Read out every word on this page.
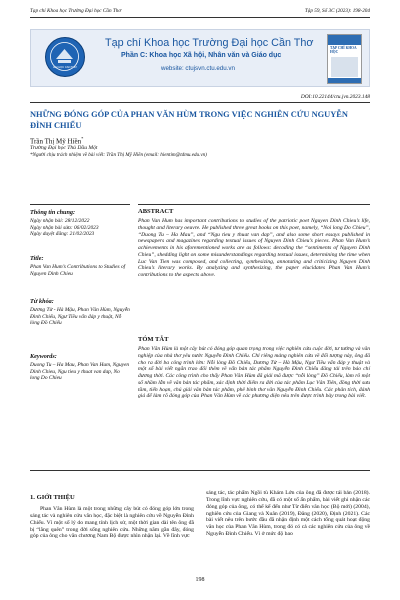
Tạp chí Khoa học Trường Đại học Cần Thơ	Tập 59, Số 3C (2023): 198-204
ĐẠI HỌC CẦN THƠ
Tạp chí Khoa học Trường Đại học Cần Thơ
Phần C: Khoa học Xã hội, Nhân văn và Giáo dục
website: ctujsvn.ctu.edu.vn
TẠP CHÍ KHOA HỌC
DOI:10.22144/ctu.jvn.2023.148
NHỮNG ĐÓNG GÓP CỦA PHAN VĂN HÙM TRONG VIỆC NGHIÊN CỨU NGUYỄN ĐÌNH CHIỂU
Trần Thị Mỹ Hiền*
Trường Đại học Thủ Dầu Một
*Người chịu trách nhiệm về bài viết: Trần Thị Mỹ Hiền (email: hientim@tdmu.edu.vn)
Thông tin chung:
Ngày nhận bài: 28/12/2022
Ngày nhận bài sửa: 06/02/2023
Ngày duyệt đăng: 21/02/2023
Title:
Phan Van Hum’s Contributions to Studies of Nguyen Dinh Chieu
Từ khóa:
Dương Từ - Hà Mậu, Phan Văn Hùm, Nguyễn Đình Chiểu, Ngư Tiều vấn đáp y thuật, Nỗ lòng Đồ Chiểu
Keywords:
Duong Tu – Ha Mau, Phan Van Hum, Nguyen Dinh Chieu, Ngu tieu y thuat van dap, No long Do Chieu
ABSTRACT
Phan Van Hum has important contributions to studies of the patriotic poet Nguyen Dinh Chieu’s life, thought and literary oeuvre. He published three great books on this poet, namely, “Noi long Do Chieu”, “Duong Tu – Ha Mau”, and “Ngu tieu y thuat van dap”, and also some short essays published in newspapers and magazines regarding textual issues of Nguyen Dinh Chieu’s pieces. Phan Van Hum’s achievements in his aforementioned works are as follows: decoding the “sentiments of Nguyen Dinh Chieu”, shedding light on some misunderstandings regarding textual issues, determining the time when Luc Van Tien was composed, and collecting, synthesizing, annotating and criticizing Nguyen Dinh Chieu’s literary works. By analyzing and synthesizing, the paper elucidates Phan Van Hum’s contributions to the aspects above.
TÓM TẮT
Phan Văn Hùm là một cây bút có đóng góp quan trọng trong việc nghiên cứu cuộc đời, tư tưởng và văn nghiệp của nhà thơ yêu nước Nguyễn Đình Chiểu. Chỉ riêng mảng nghiên cứu về đối tượng này, ông đã cho ra đời ba công trình lớn: Nỗi lòng Đồ Chiểu, Dương Từ – Hà Mậu, Ngư Tiều vấn đáp y thuật và một số bài viết ngắn trao đổi thêm về vấn bản tác phẩm Nguyễn Đình Chiểu đăng tải trên báo chí đương thời. Các công trình cho thấy Phan Văn Hùm đã giải mã được “nỗi lòng” Đồ Chiểu, làm rõ một số nhầm lẫn về văn bản tác phẩm, xác định thời điểm ra đời của tác phẩm Lục Vân Tiên, đồng thời sưu tầm, tiến hoạn, chú giải văn bản tác phẩm, phê bình thơ văn Nguyễn Đình Chiểu. Các phân tích, đánh giá để làm rõ đóng góp của Phan Văn Hùm về các phương diện nêu trên được trình bày trong bài viết.
1. GIỚI THIỆU
Phan Văn Hùm là một trong những cây bút có đóng góp lớn trong sáng tác và nghiên cứu văn học, đặc biệt là nghiên cứu về Nguyễn Đình Chiểu. Vì một số lý do mang tính lịch sử, một thời gian dài tên ông đã bị “lãng quên” trong đời sống nghiên cứu. Những năm gần đây, đóng góp của ông cho văn chương Nam Bộ được nhìn nhận lại. Về lĩnh vực
sáng tác, tác phẩm Ngồi tù Khám Lớn của ông đã được tái bản (2018). Trong lĩnh vực nghiên cứu, đã có một số ấn phẩm, bài viết ghi nhận các đóng góp của ông, có thể kể đến như Từ điển văn học (Bộ mới) (2004), nghiên cứu của Giang và Xuân (2019), Đăng (2020), Định (2021). Các bài viết nêu trên bước đầu đã nhận định một cách tổng quát hoạt động văn học của Phan Văn Hùm, trong đó có cả các nghiên cứu của ông về Nguyễn Đình Chiểu. Vì ở mức độ bao
198
